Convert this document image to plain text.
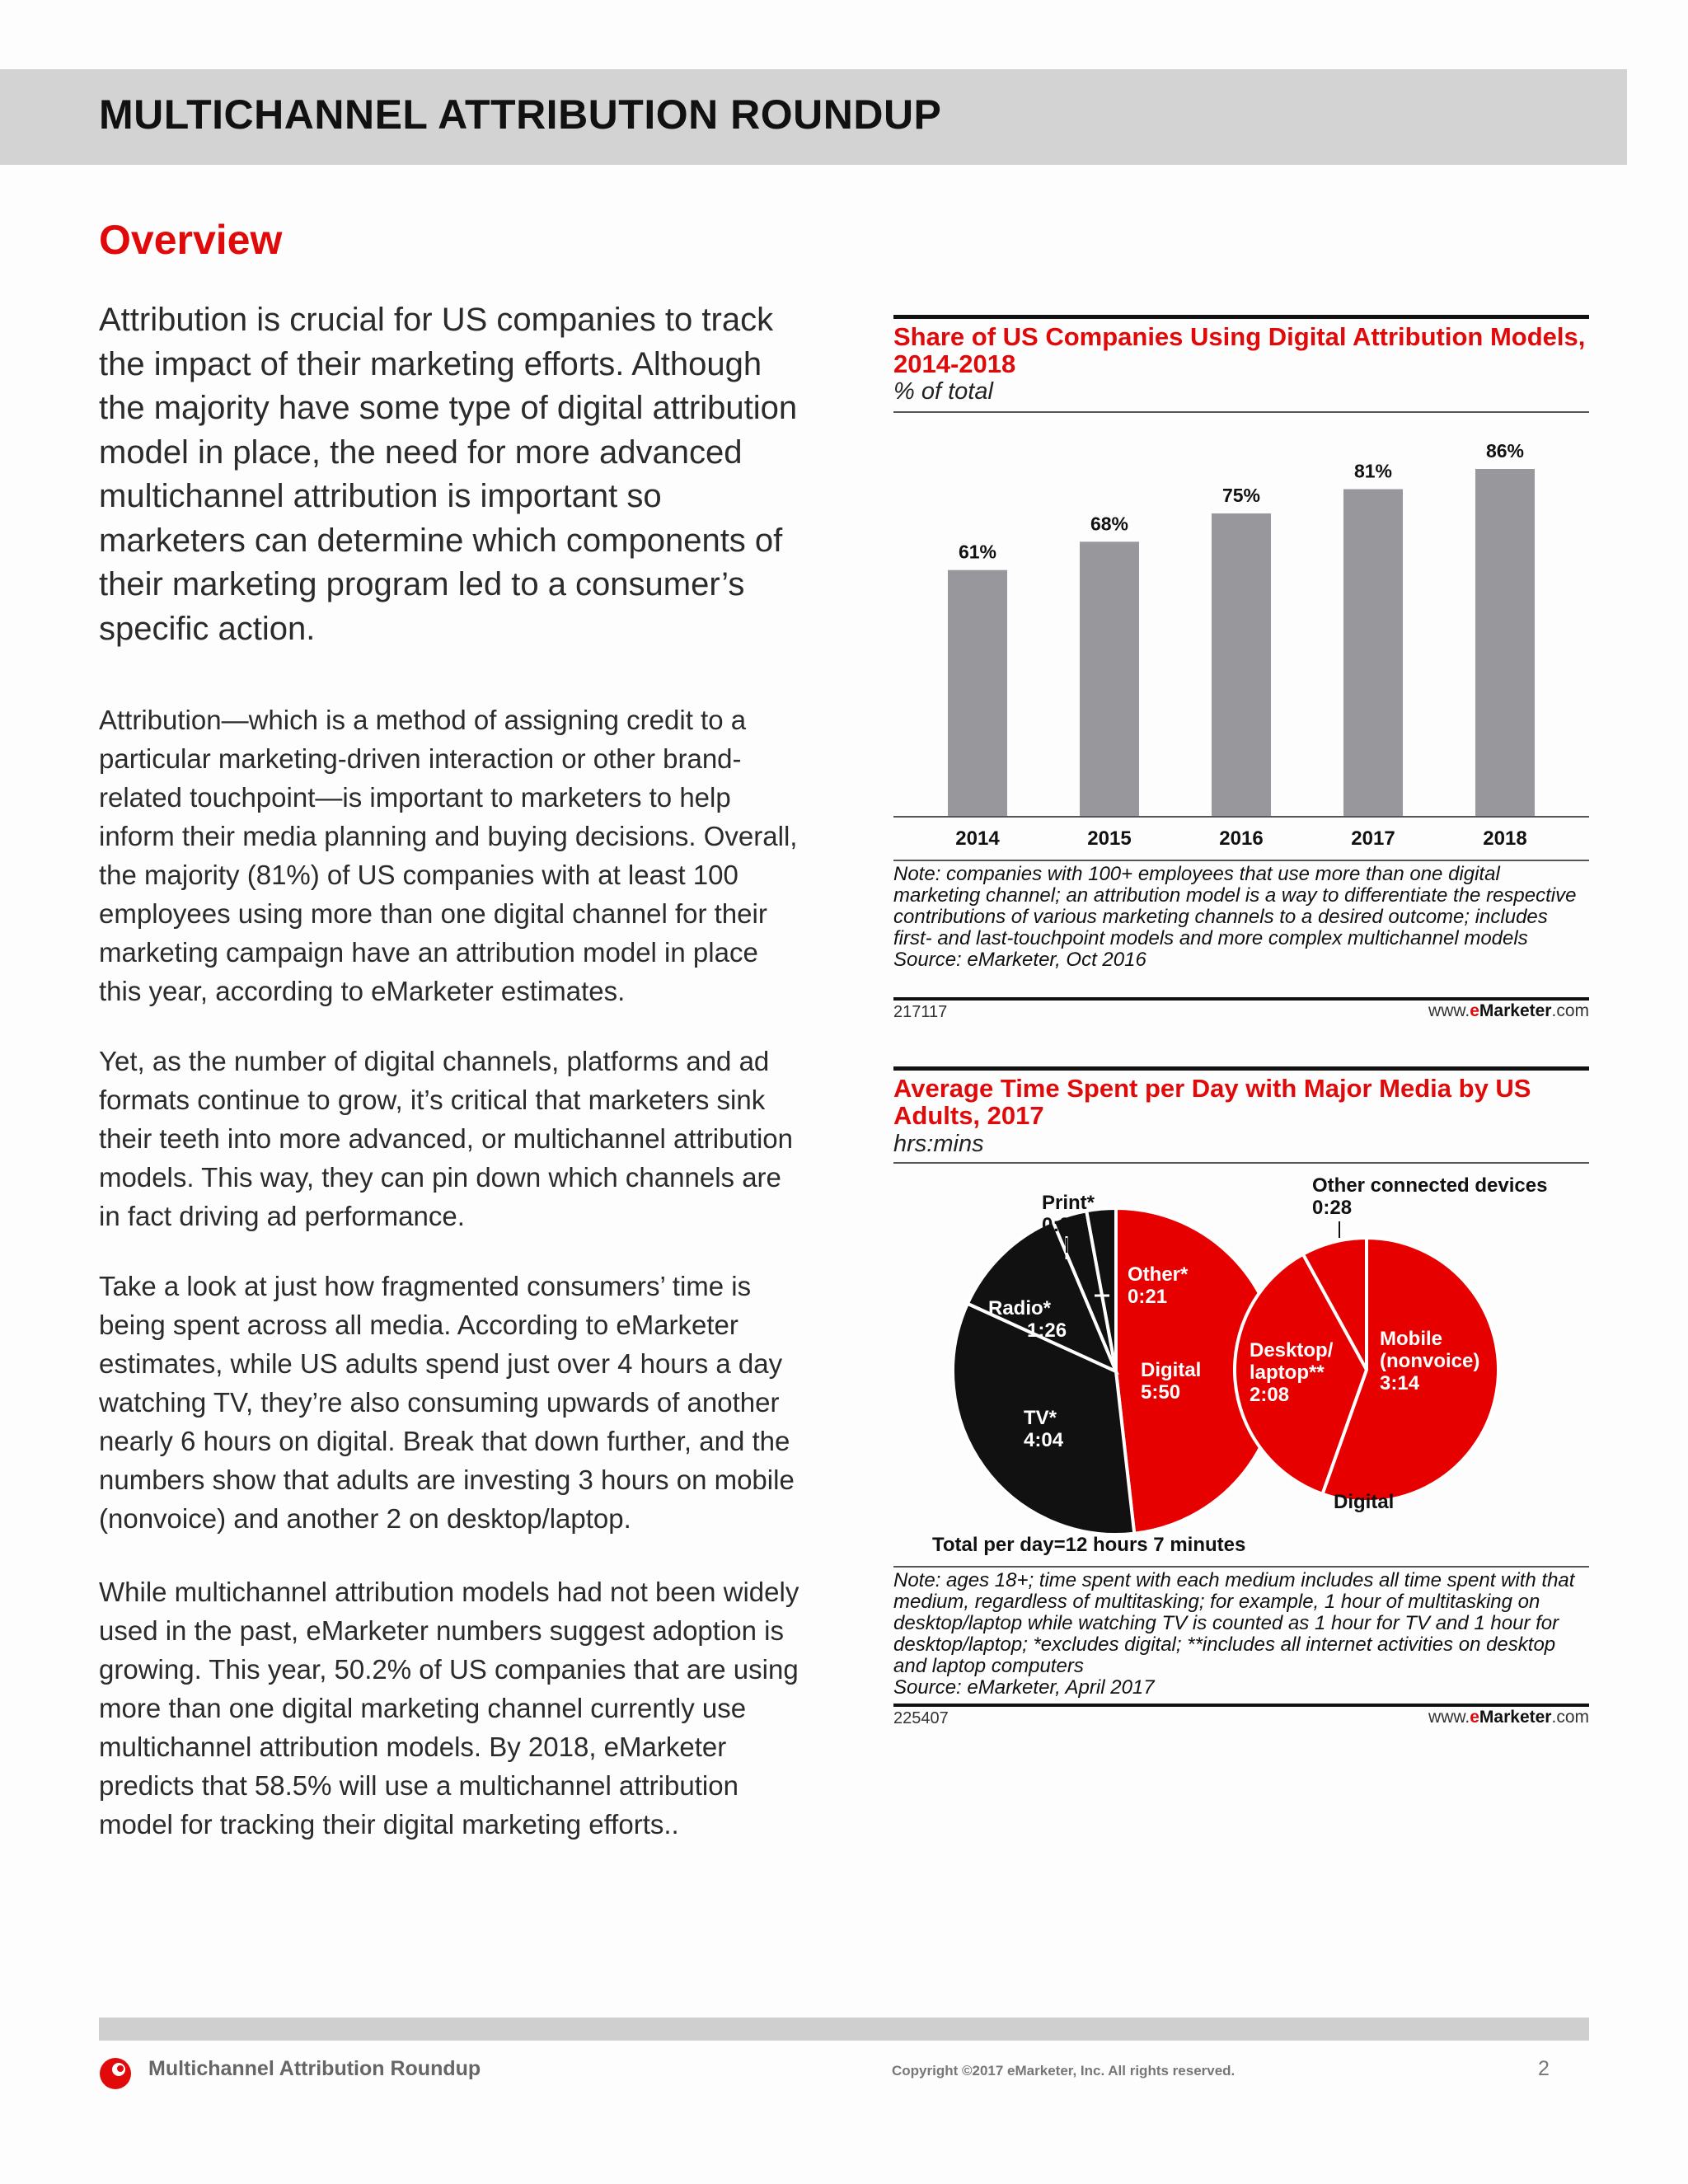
MULTICHANNEL ATTRIBUTION ROUNDUP
Overview

Attribution is crucial for US companies to track the impact of their marketing efforts. Although the majority have some type of digital attribution model in place, the need for more advanced multichannel attribution is important so marketers can determine which components of their marketing program led to a consumer’s specific action.

Attribution—which is a method of assigning credit to a particular marketing-driven interaction or other brand-related touchpoint—is important to marketers to help inform their media planning and buying decisions. Overall, the majority (81%) of US companies with at least 100 employees using more than one digital channel for their marketing campaign have an attribution model in place this year, according to eMarketer estimates.

Yet, as the number of digital channels, platforms and ad formats continue to grow, it’s critical that marketers sink their teeth into more advanced, or multichannel attribution models. This way, they can pin down which channels are in fact driving ad performance.

Take a look at just how fragmented consumers’ time is being spent across all media. According to eMarketer estimates, while US adults spend just over 4 hours a day watching TV, they’re also consuming upwards of another nearly 6 hours on digital. Break that down further, and the numbers show that adults are investing 3 hours on mobile (nonvoice) and another 2 on desktop/laptop.

While multichannel attribution models had not been widely used in the past, eMarketer numbers suggest adoption is growing. This year, 50.2% of US companies that are using more than one digital marketing channel currently use multichannel attribution models. By 2018, eMarketer predicts that 58.5% will use a multichannel attribution model for tracking their digital marketing efforts..

Share of US Companies Using Digital Attribution Models, 2014-2018
% of total
61%
2014
68%
2015
75%
2016
81%
2017
86%
2018
Note: companies with 100+ employees that use more than one digital marketing channel; an attribution model is a way to differentiate the respective contributions of various marketing channels to a desired outcome; includes first- and last-touchpoint models and more complex multichannel models
Source: eMarketer, Oct 2016
217117	www.eMarketer.com
Average Time Spent per Day with Major Media by US Adults, 2017
hrs:mins
Digital 5:50
TV* 4:04
Radio*
1:26
Print* 0:25
Other* 0:21
Mobile (nonvoice) 3:14
Desktop/ laptop** 2:08
Other connected devices 0:28
Digital
Total per day=12 hours 7 minutes
Note: ages 18+; time spent with each medium includes all time spent with that medium, regardless of multitasking; for example, 1 hour of multitasking on desktop/laptop while watching TV is counted as 1 hour for TV and 1 hour for desktop/laptop; *excludes digital; **includes all internet activities on desktop and laptop computers
Source: eMarketer, April 2017
225407	www.eMarketer.com
Multichannel Attribution Roundup	Copyright ©2017 eMarketer, Inc. All rights reserved.	2
